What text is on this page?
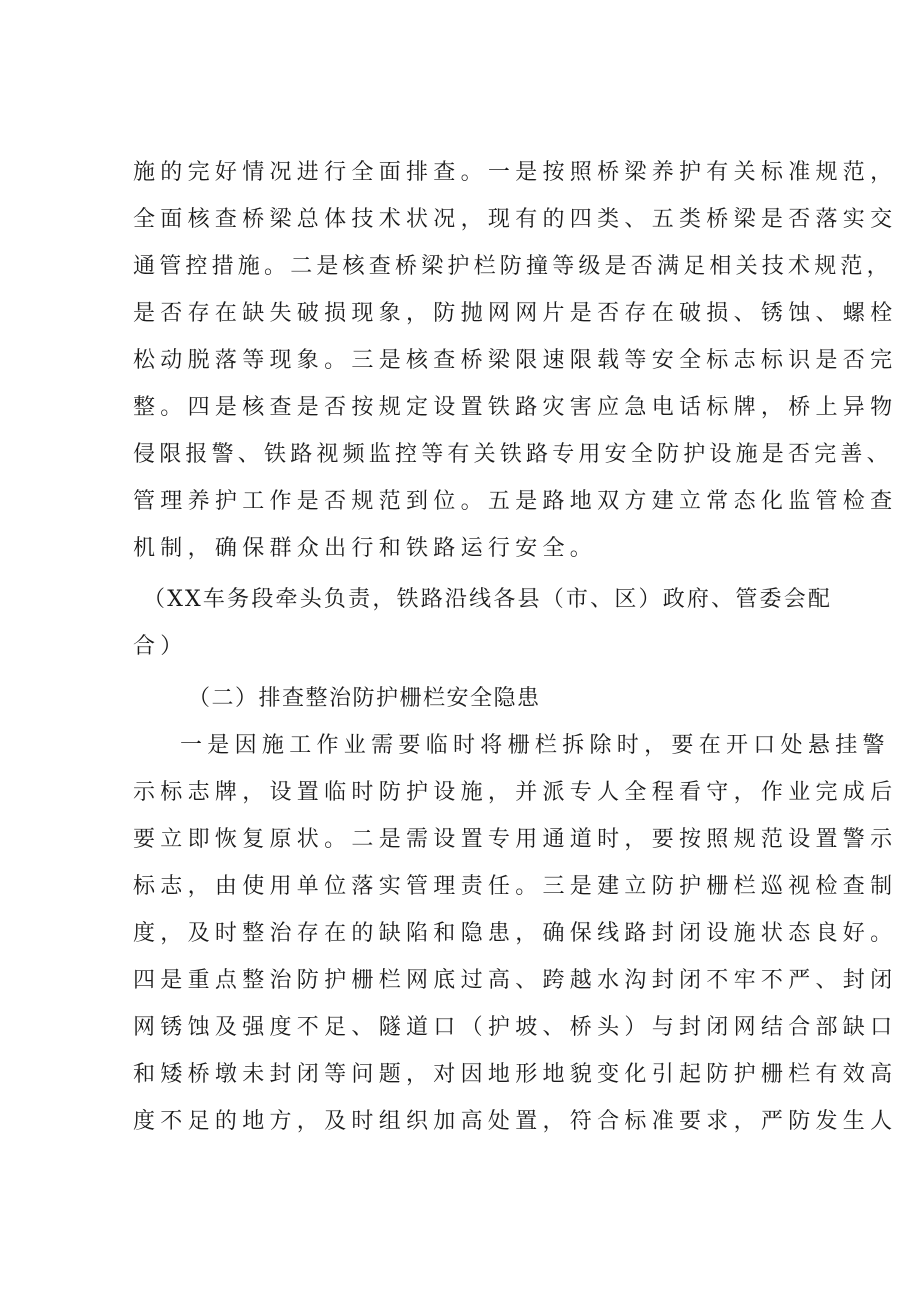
施的完好情况进行全面排查。一是按照桥梁养护有关标准规范，

全面核查桥梁总体技术状况，现有的四类、五类桥梁是否落实交

通管控措施。二是核查桥梁护栏防撞等级是否满足相关技术规范，

是否存在缺失破损现象，防抛网网片是否存在破损、锈蚀、螺栓

松动脱落等现象。三是核查桥梁限速限载等安全标志标识是否完

整。四是核查是否按规定设置铁路灾害应急电话标牌，桥上异物

侵限报警、铁路视频监控等有关铁路专用安全防护设施是否完善、

管理养护工作是否规范到位。五是路地双方建立常态化监管检查

机制，确保群众出行和铁路运行安全。

（XX车务段牵头负责，铁路沿线各县（市、区）政府、管委会配

合）

（二）排查整治防护栅栏安全隐患

一是因施工作业需要临时将栅栏拆除时，要在开口处悬挂警

示标志牌，设置临时防护设施，并派专人全程看守，作业完成后

要立即恢复原状。二是需设置专用通道时，要按照规范设置警示

标志，由使用单位落实管理责任。三是建立防护栅栏巡视检查制

度，及时整治存在的缺陷和隐患，确保线路封闭设施状态良好。

四是重点整治防护栅栏网底过高、跨越水沟封闭不牢不严、封闭

网锈蚀及强度不足、隧道口（护坡、桥头）与封闭网结合部缺口

和矮桥墩未封闭等问题，对因地形地貌变化引起防护栅栏有效高

度不足的地方，及时组织加高处置，符合标准要求，严防发生人
